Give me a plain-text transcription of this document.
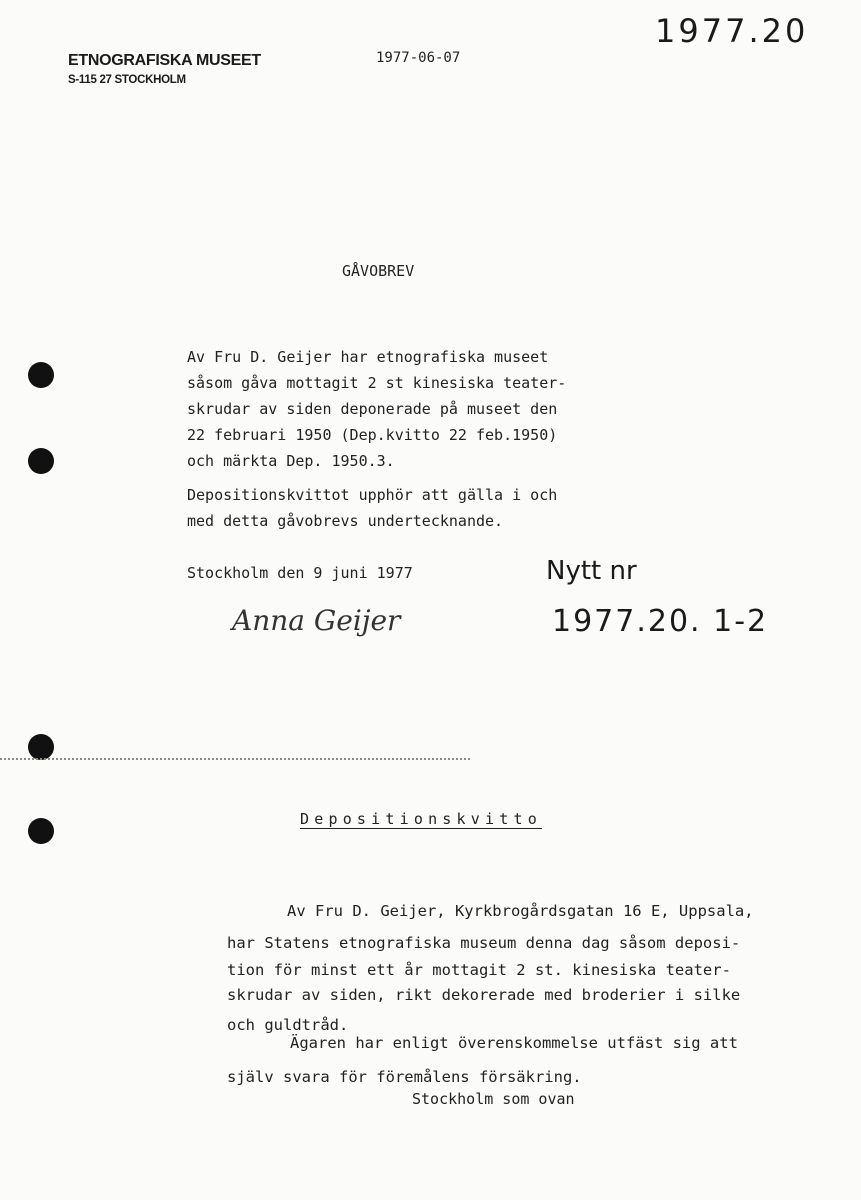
ETNOGRAFISKA MUSEET
S-115 27 STOCKHOLM
1977-06-07
1977.20
GÅVOBREV
Av Fru D. Geijer har etnografiska museet
såsom gåva mottagit 2 st kinesiska teater-
skrudar av siden deponerade på museet den
22 februari 1950 (Dep.kvitto 22 feb.1950)
och märkta Dep. 1950.3.
Depositionskvittot upphör att gälla i och
med detta gåvobrevs undertecknande.
Stockholm den 9 juni 1977
Anna Geijer
Nytt nr
1977.20. 1-2
Depositionskvitto
Av Fru D. Geijer, Kyrkbrogårdsgatan 16 E, Uppsala,
har Statens etnografiska museum denna dag såsom deposi-
tion för minst ett år mottagit 2 st. kinesiska teater-
skrudar av siden, rikt dekorerade med broderier i silke
och guldtråd.
Ägaren har enligt överenskommelse utfäst sig att
själv svara för föremålens försäkring.
Stockholm som ovan
